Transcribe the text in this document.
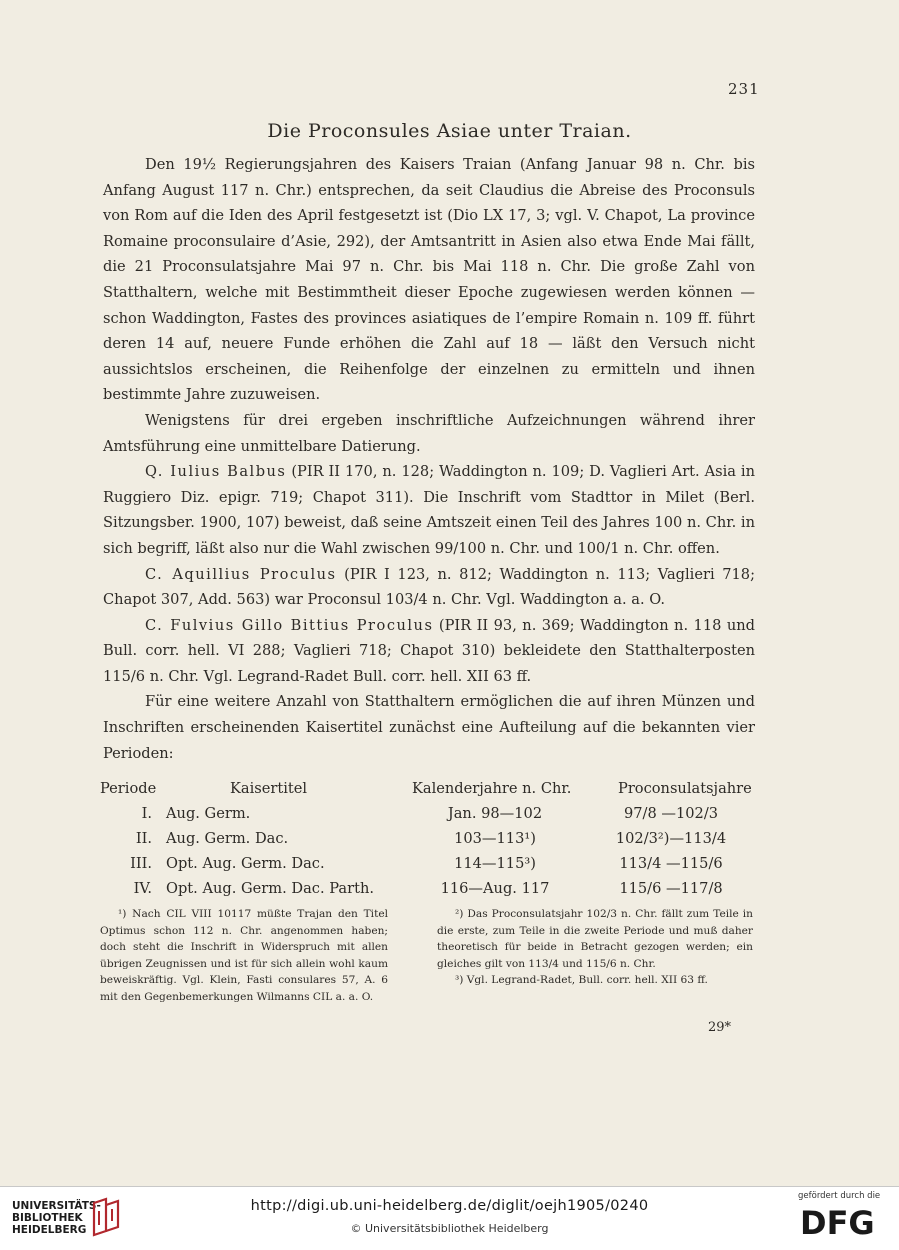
231
Die Proconsules Asiae unter Traian.

Den 19½ Regierungsjahren des Kaisers Traian (Anfang Januar 98 n. Chr. bis Anfang August 117 n. Chr.) entsprechen, da seit Claudius die Abreise des Proconsuls von Rom auf die Iden des April festgesetzt ist (Dio LX 17, 3; vgl. V. Chapot, La province Romaine proconsulaire d’Asie, 292), der Amtsantritt in Asien also etwa Ende Mai fällt, die 21 Proconsulatsjahre Mai 97 n. Chr. bis Mai 118 n. Chr. Die große Zahl von Statthaltern, welche mit Bestimmtheit dieser Epoche zugewiesen werden können — schon Waddington, Fastes des provinces asiatiques de l’empire Romain n. 109 ff. führt deren 14 auf, neuere Funde erhöhen die Zahl auf 18 — läßt den Versuch nicht aussichtslos erscheinen, die Reihenfolge der einzelnen zu ermitteln und ihnen bestimmte Jahre zuzuweisen.

Wenigstens für drei ergeben inschriftliche Aufzeichnungen während ihrer Amtsführung eine unmittelbare Datierung.

Q. Iulius Balbus (PIR II 170, n. 128; Waddington n. 109; D. Vaglieri Art. Asia in Ruggiero Diz. epigr. 719; Chapot 311). Die Inschrift vom Stadttor in Milet (Berl. Sitzungsber. 1900, 107) beweist, daß seine Amtszeit einen Teil des Jahres 100 n. Chr. in sich begriff, läßt also nur die Wahl zwischen 99/100 n. Chr. und 100/1 n. Chr. offen.

C. Aquillius Proculus (PIR I 123, n. 812; Waddington n. 113; Vaglieri 718; Chapot 307, Add. 563) war Proconsul 103/4 n. Chr. Vgl. Waddington a. a. O.

C. Fulvius Gillo Bittius Proculus (PIR II 93, n. 369; Waddington n. 118 und Bull. corr. hell. VI 288; Vaglieri 718; Chapot 310) bekleidete den Statthalterposten 115/6 n. Chr. Vgl. Legrand-Radet Bull. corr. hell. XII 63 ff.

Für eine weitere Anzahl von Statthaltern ermöglichen die auf ihren Münzen und Inschriften erscheinenden Kaisertitel zunächst eine Aufteilung auf die bekannten vier Perioden:

Periode	Kaisertitel	Kalenderjahre n. Chr.	Proconsulatsjahre
I. Aug. Germ.	Jan. 98—102	97/8 —102/3
II. Aug. Germ. Dac.	103—113¹)	102/3²)—113/4
III. Opt. Aug. Germ. Dac.	114—115³)	113/4 —115/6
IV. Opt. Aug. Germ. Dac. Parth.	116—Aug. 117	115/6 —117/8

¹) Nach CIL VIII 10117 müßte Trajan den Titel Optimus schon 112 n. Chr. angenommen haben; doch steht die Inschrift in Widerspruch mit allen übrigen Zeugnissen und ist für sich allein wohl kaum beweiskräftig. Vgl. Klein, Fasti consulares 57, A. 6 mit den Gegenbemerkungen Wilmanns CIL a. a. O.

²) Das Proconsulatsjahr 102/3 n. Chr. fällt zum Teile in die erste, zum Teile in die zweite Periode und muß daher theoretisch für beide in Betracht gezogen werden; ein gleiches gilt von 113/4 und 115/6 n. Chr.

³) Vgl. Legrand-Radet, Bull. corr. hell. XII 63 ff.

29*
UNIVERSITÄTS-
BIBLIOTHEK
HEIDELBERG
http://digi.ub.uni-heidelberg.de/diglit/oejh1905/0240
© Universitätsbibliothek Heidelberg
gefördert durch die
DFG
